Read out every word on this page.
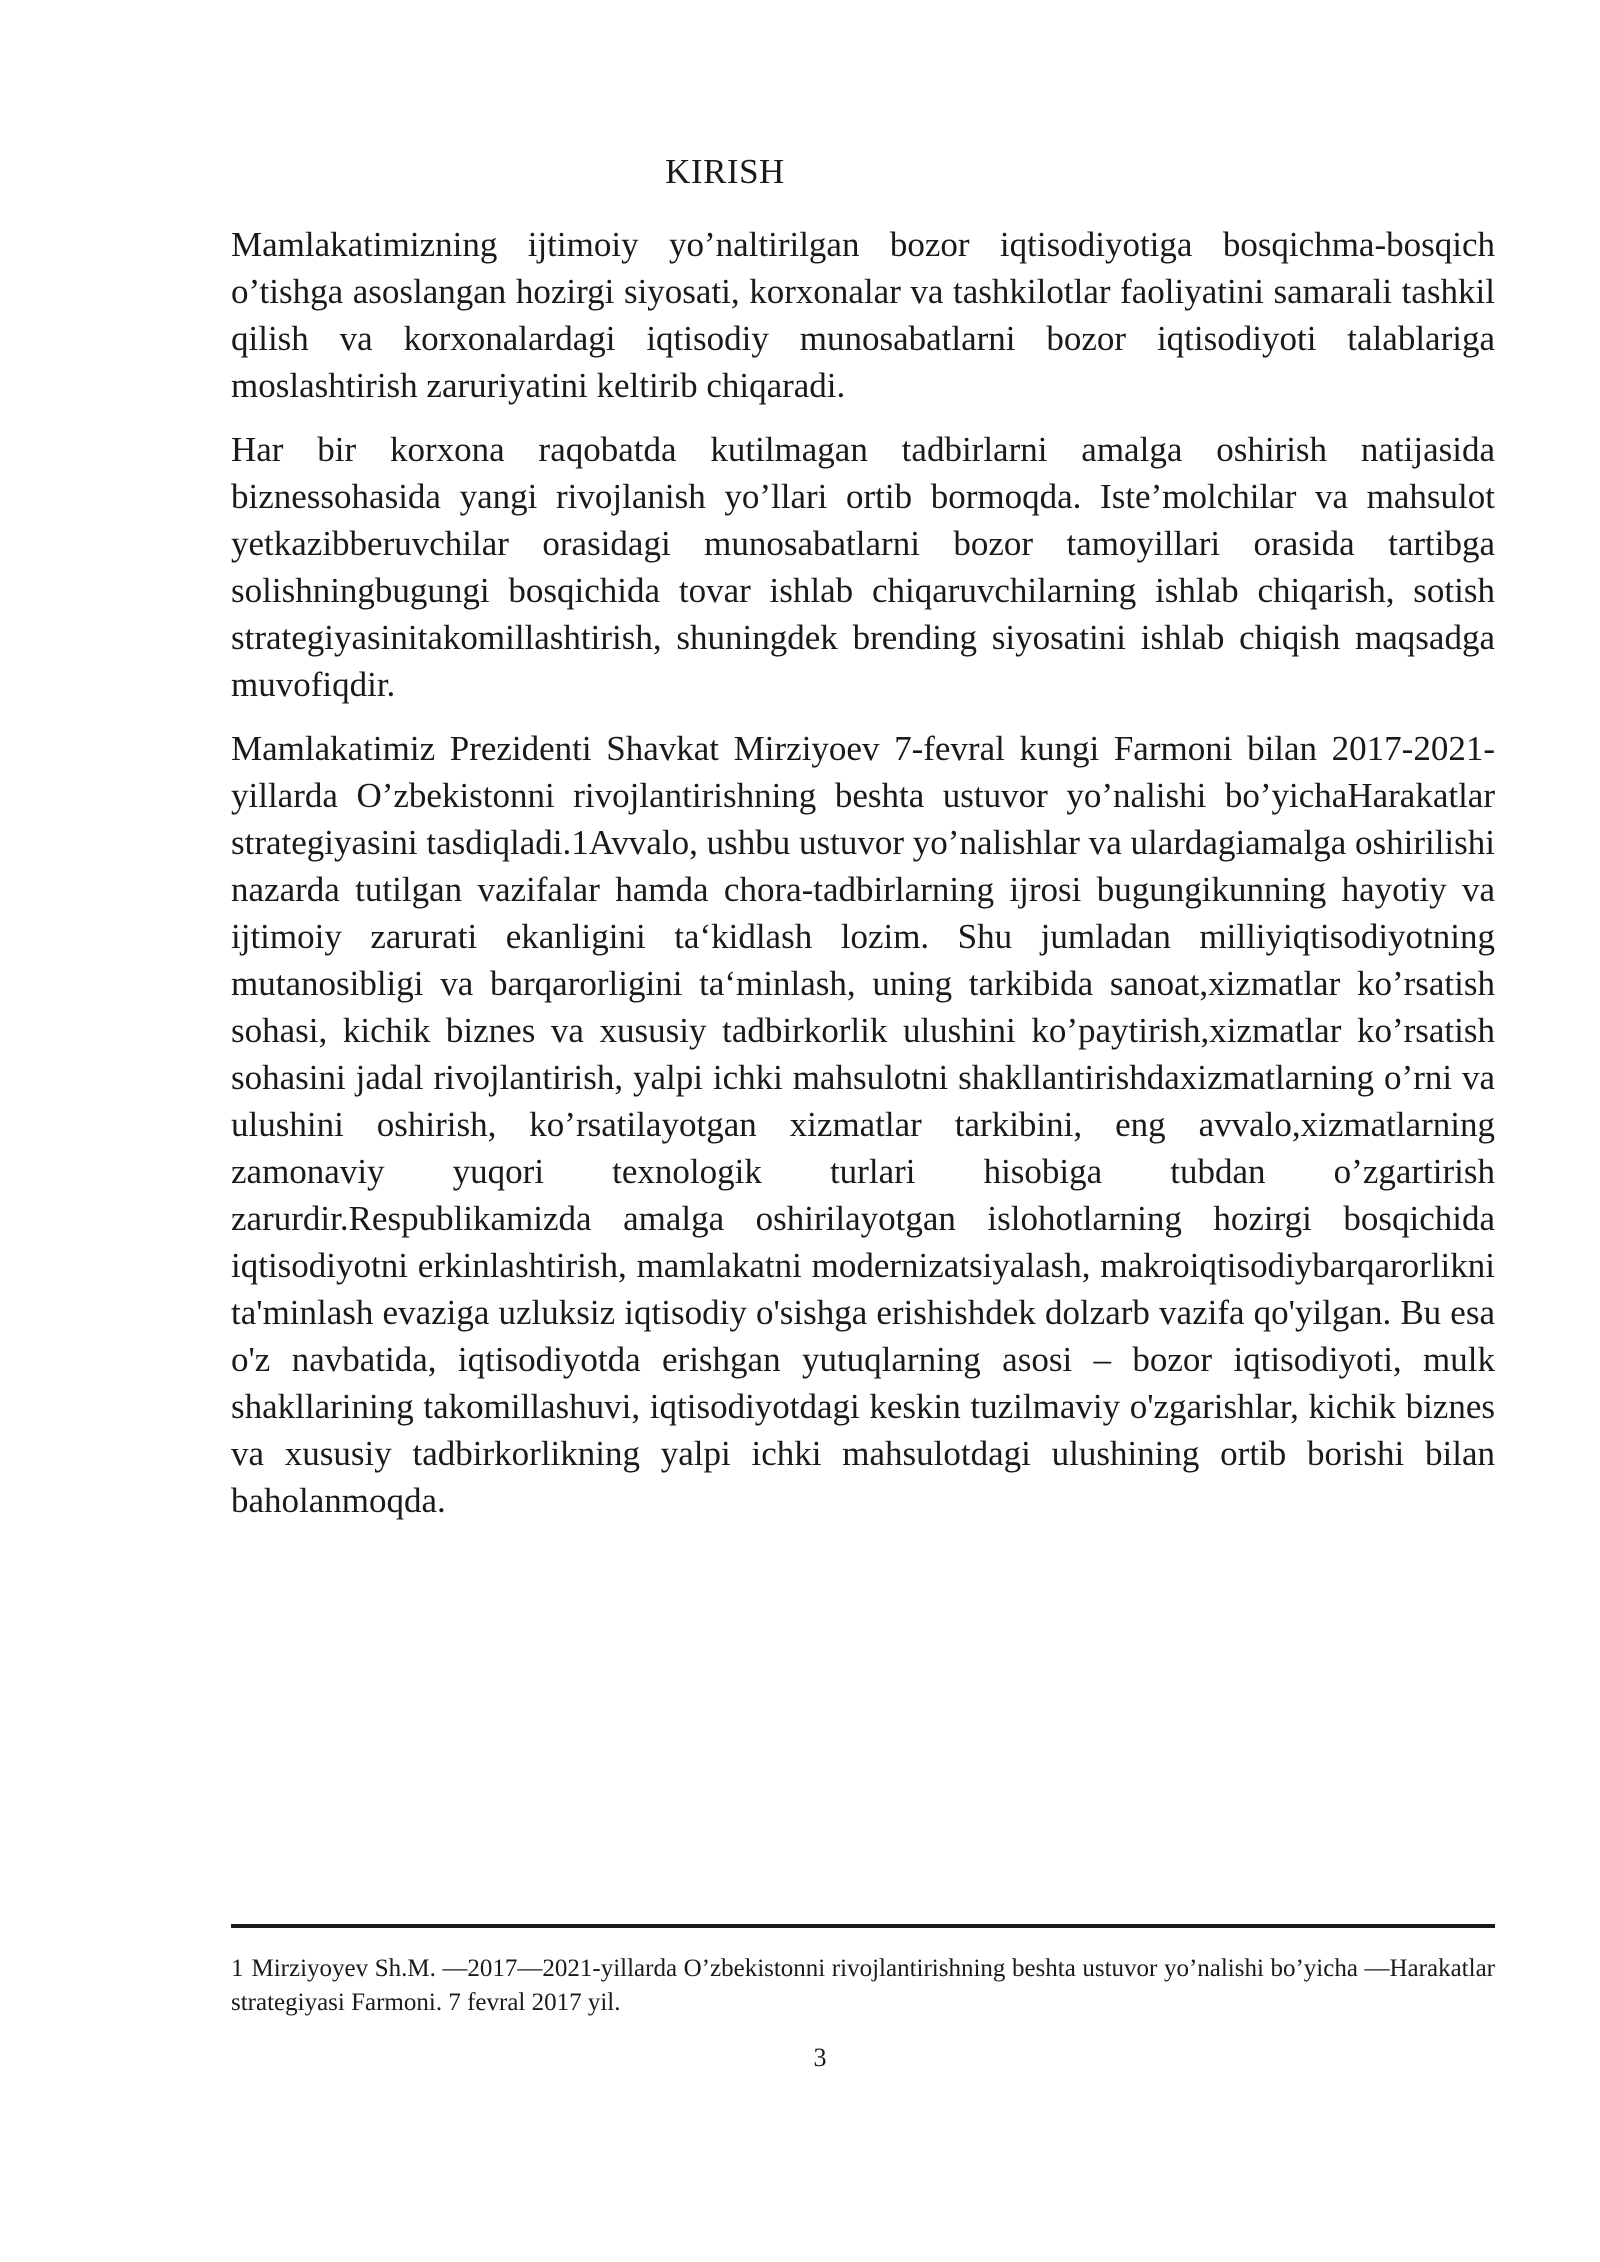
KIRISH

Mamlakatimizning ijtimoiy yo’naltirilgan bozor iqtisodiyotiga bosqichma-bosqich o’tishga asoslangan hozirgi siyosati, korxonalar va tashkilotlar faoliyatini samarali tashkil qilish va korxonalardagi iqtisodiy munosabatlarni bozor iqtisodiyoti talablariga moslashtirish zaruriyatini keltirib chiqaradi.

Har bir korxona raqobatda kutilmagan tadbirlarni amalga oshirish natijasida biznessohasida yangi rivojlanish yo’llari ortib bormoqda. Iste’molchilar va mahsulot yetkazibberuvchilar orasidagi munosabatlarni bozor tamoyillari orasida tartibga solishningbugungi bosqichida tovar ishlab chiqaruvchilarning ishlab chiqarish, sotish strategiyasinitakomillashtirish, shuningdek brending siyosatini ishlab chiqish maqsadga muvofiqdir.

Mamlakatimiz Prezidenti Shavkat Mirziyoev 7-fevral kungi Farmoni bilan 2017-2021-yillarda O’zbekistonni rivojlantirishning beshta ustuvor yo’nalishi bo’yichaHarakatlar strategiyasini tasdiqladi.1Avvalo, ushbu ustuvor yo’nalishlar va ulardagiamalga oshirilishi nazarda tutilgan vazifalar hamda chora-tadbirlarning ijrosi bugungikunning hayotiy va ijtimoiy zarurati ekanligini ta‘kidlash lozim. Shu jumladan milliyiqtisodiyotning mutanosibligi va barqarorligini ta‘minlash, uning tarkibida sanoat,xizmatlar ko’rsatish sohasi, kichik biznes va xususiy tadbirkorlik ulushini ko’paytirish,xizmatlar ko’rsatish sohasini jadal rivojlantirish, yalpi ichki mahsulotni shakllantirishdaxizmatlarning o’rni va ulushini oshirish, ko’rsatilayotgan xizmatlar tarkibini, eng avvalo,xizmatlarning zamonaviy yuqori texnologik turlari hisobiga tubdan o’zgartirish zarurdir.Respublikamizda amalga oshirilayotgan islohotlarning hozirgi bosqichida iqtisodiyotni erkinlashtirish, mamlakatni modernizatsiyalash, makroiqtisodiybarqarorlikni ta'minlash evaziga uzluksiz iqtisodiy o'sishga erishishdek dolzarb vazifa qo'yilgan. Bu esa o'z navbatida, iqtisodiyotda erishgan yutuqlarning asosi – bozor iqtisodiyoti, mulk shakllarining takomillashuvi, iqtisodiyotdagi keskin tuzilmaviy o'zgarishlar, kichik biznes va xususiy tadbirkorlikning yalpi ichki mahsulotdagi ulushining ortib borishi bilan baholanmoqda.

1 Mirziyoyev Sh.M. ―2017―2021-yillarda O’zbekistonni rivojlantirishning beshta ustuvor yo’nalishi bo’yicha ―Harakatlar strategiyasi Farmoni. 7 fevral 2017 yil.
3
